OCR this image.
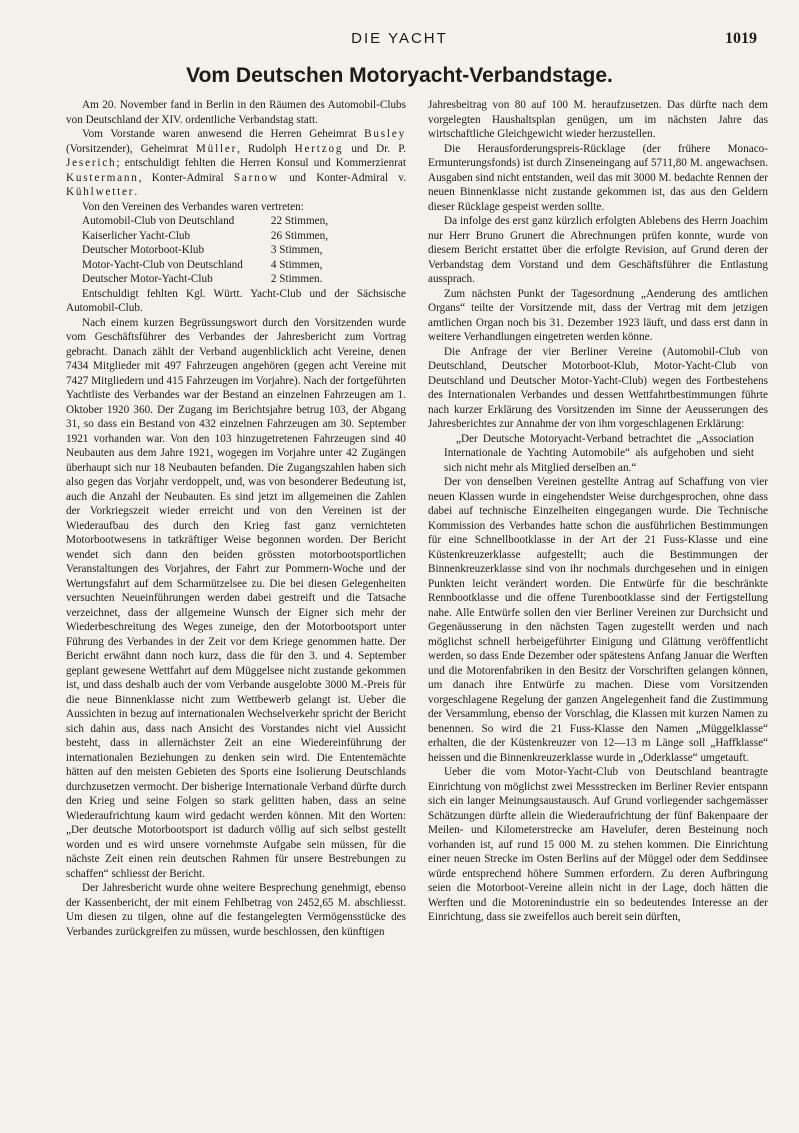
DIE YACHT	1019
Vom Deutschen Motoryacht-Verbandstage.

Am 20. November fand in Berlin in den Räumen des Automobil-Clubs von Deutschland der XIV. ordentliche Verbandstag statt.

Vom Vorstande waren anwesend die Herren Geheimrat Busley (Vorsitzender), Geheimrat Müller, Rudolph Hertzog und Dr. P. Jeserich; entschuldigt fehlten die Herren Konsul und Kommerzienrat Kustermann, Konter-Admiral Sarnow und Konter-Admiral v. Kühlwetter.

Von den Vereinen des Verbandes waren vertreten:

Automobil-Club von Deutschland	22 Stimmen,
Kaiserlicher Yacht-Club	26 Stimmen,
Deutscher Motorboot-Klub	3 Stimmen,
Motor-Yacht-Club von Deutschland	4 Stimmen,
Deutscher Motor-Yacht-Club	2 Stimmen.

Entschuldigt fehlten Kgl. Württ. Yacht-Club und der Sächsische Automobil-Club.

Nach einem kurzen Begrüssungswort durch den Vorsitzenden wurde vom Geschäftsführer des Verbandes der Jahresbericht zum Vortrag gebracht. Danach zählt der Verband augenblicklich acht Vereine, denen 7434 Mitglieder mit 497 Fahrzeugen angehören (gegen acht Vereine mit 7427 Mitgliedern und 415 Fahrzeugen im Vorjahre). Nach der fortgeführten Yachtliste des Verbandes war der Bestand an einzelnen Fahrzeugen am 1. Oktober 1920 360. Der Zugang im Berichtsjahre betrug 103, der Abgang 31, so dass ein Bestand von 432 einzelnen Fahrzeugen am 30. September 1921 vorhanden war. Von den 103 hinzugetretenen Fahrzeugen sind 40 Neubauten aus dem Jahre 1921, wogegen im Vorjahre unter 42 Zugängen überhaupt sich nur 18 Neubauten befanden. Die Zugangszahlen haben sich also gegen das Vorjahr verdoppelt, und, was von besonderer Bedeutung ist, auch die Anzahl der Neubauten. Es sind jetzt im allgemeinen die Zahlen der Vorkriegszeit wieder erreicht und von den Vereinen ist der Wiederaufbau des durch den Krieg fast ganz vernichteten Motorbootwesens in tatkräftiger Weise begonnen worden. Der Bericht wendet sich dann den beiden grössten motorbootsportlichen Veranstaltungen des Vorjahres, der Fahrt zur Pommern-Woche und der Wertungsfahrt auf dem Scharmützelsee zu. Die bei diesen Gelegenheiten versuchten Neueinführungen werden dabei gestreift und die Tatsache verzeichnet, dass der allgemeine Wunsch der Eigner sich mehr der Wiederbeschreitung des Weges zuneige, den der Motorbootsport unter Führung des Verbandes in der Zeit vor dem Kriege genommen hatte. Der Bericht erwähnt dann noch kurz, dass die für den 3. und 4. September geplant gewesene Wettfahrt auf dem Müggelsee nicht zustande gekommen ist, und dass deshalb auch der vom Verbande ausgelobte 3000 M.-Preis für die neue Binnenklasse nicht zum Wettbewerb gelangt ist. Ueber die Aussichten in bezug auf internationalen Wechselverkehr spricht der Bericht sich dahin aus, dass nach Ansicht des Vorstandes nicht viel Aussicht besteht, dass in allernächster Zeit an eine Wiedereinführung der internationalen Beziehungen zu denken sein wird. Die Ententemächte hätten auf den meisten Gebieten des Sports eine Isolierung Deutschlands durchzusetzen vermocht. Der bisherige Internationale Verband dürfte durch den Krieg und seine Folgen so stark gelitten haben, dass an seine Wiederaufrichtung kaum wird gedacht werden können. Mit den Worten: „Der deutsche Motorbootsport ist dadurch völlig auf sich selbst gestellt worden und es wird unsere vornehmste Aufgabe sein müssen, für die nächste Zeit einen rein deutschen Rahmen für unsere Bestrebungen zu schaffen“ schliesst der Bericht.

Der Jahresbericht wurde ohne weitere Besprechung genehmigt, ebenso der Kassenbericht, der mit einem Fehlbetrag von 2452,65 M. abschliesst. Um diesen zu tilgen, ohne auf die festangelegten Vermögensstücke des Verbandes zurückgreifen zu müssen, wurde beschlossen, den künftigen

Jahresbeitrag von 80 auf 100 M. heraufzusetzen. Das dürfte nach dem vorgelegten Haushaltsplan genügen, um im nächsten Jahre das wirtschaftliche Gleichgewicht wieder herzustellen.

Die Herausforderungspreis-Rücklage (der frühere Monaco-Ermunterungsfonds) ist durch Zinseneingang auf 5711,80 M. angewachsen. Ausgaben sind nicht entstanden, weil das mit 3000 M. bedachte Rennen der neuen Binnenklasse nicht zustande gekommen ist, das aus den Geldern dieser Rücklage gespeist werden sollte.

Da infolge des erst ganz kürzlich erfolgten Ablebens des Herrn Joachim nur Herr Bruno Grunert die Abrechnungen prüfen konnte, wurde von diesem Bericht erstattet über die erfolgte Revision, auf Grund deren der Verbandstag dem Vorstand und dem Geschäftsführer die Entlastung aussprach.

Zum nächsten Punkt der Tagesordnung „Aenderung des amtlichen Organs“ teilte der Vorsitzende mit, dass der Vertrag mit dem jetzigen amtlichen Organ noch bis 31. Dezember 1923 läuft, und dass erst dann in weitere Verhandlungen eingetreten werden könne.

Die Anfrage der vier Berliner Vereine (Automobil-Club von Deutschland, Deutscher Motorboot-Klub, Motor-Yacht-Club von Deutschland und Deutscher Motor-Yacht-Club) wegen des Fortbestehens des Internationalen Verbandes und dessen Wettfahrtbestimmungen führte nach kurzer Erklärung des Vorsitzenden im Sinne der Aeusserungen des Jahresberichtes zur Annahme der von ihm vorgeschlagenen Erklärung:

„Der Deutsche Motoryacht-Verband betrachtet die „Association Internationale de Yachting Automobile“ als aufgehoben und sieht sich nicht mehr als Mitglied derselben an.“

Der von denselben Vereinen gestellte Antrag auf Schaffung von vier neuen Klassen wurde in eingehendster Weise durchgesprochen, ohne dass dabei auf technische Einzelheiten eingegangen wurde. Die Technische Kommission des Verbandes hatte schon die ausführlichen Bestimmungen für eine Schnellbootklasse in der Art der 21 Fuss-Klasse und eine Küstenkreuzerklasse aufgestellt; auch die Bestimmungen der Binnenkreuzerklasse sind von ihr nochmals durchgesehen und in einigen Punkten leicht verändert worden. Die Entwürfe für die beschränkte Rennbootklasse und die offene Turenbootklasse sind der Fertigstellung nahe. Alle Entwürfe sollen den vier Berliner Vereinen zur Durchsicht und Gegenäusserung in den nächsten Tagen zugestellt werden und nach möglichst schnell herbeigeführter Einigung und Glättung veröffentlicht werden, so dass Ende Dezember oder spätestens Anfang Januar die Werften und die Motorenfabriken in den Besitz der Vorschriften gelangen können, um danach ihre Entwürfe zu machen. Diese vom Vorsitzenden vorgeschlagene Regelung der ganzen Angelegenheit fand die Zustimmung der Versammlung, ebenso der Vorschlag, die Klassen mit kurzen Namen zu benennen. So wird die 21 Fuss-Klasse den Namen „Müggelklasse“ erhalten, die der Küstenkreuzer von 12—13 m Länge soll „Haffklasse“ heissen und die Binnenkreuzerklasse wurde in „Oderklasse“ umgetauft.

Ueber die vom Motor-Yacht-Club von Deutschland beantragte Einrichtung von möglichst zwei Messstrecken im Berliner Revier entspann sich ein langer Meinungsaustausch. Auf Grund vorliegender sachgemässer Schätzungen dürfte allein die Wiederaufrichtung der fünf Bakenpaare der Meilen- und Kilometerstrecke am Havelufer, deren Besteinung noch vorhanden ist, auf rund 15 000 M. zu stehen kommen. Die Einrichtung einer neuen Strecke im Osten Berlins auf der Müggel oder dem Seddinsee würde entsprechend höhere Summen erfordern. Zu deren Aufbringung seien die Motorboot-Vereine allein nicht in der Lage, doch hätten die Werften und die Motorenindustrie ein so bedeutendes Interesse an der Einrichtung, dass sie zweifellos auch bereit sein dürften,
